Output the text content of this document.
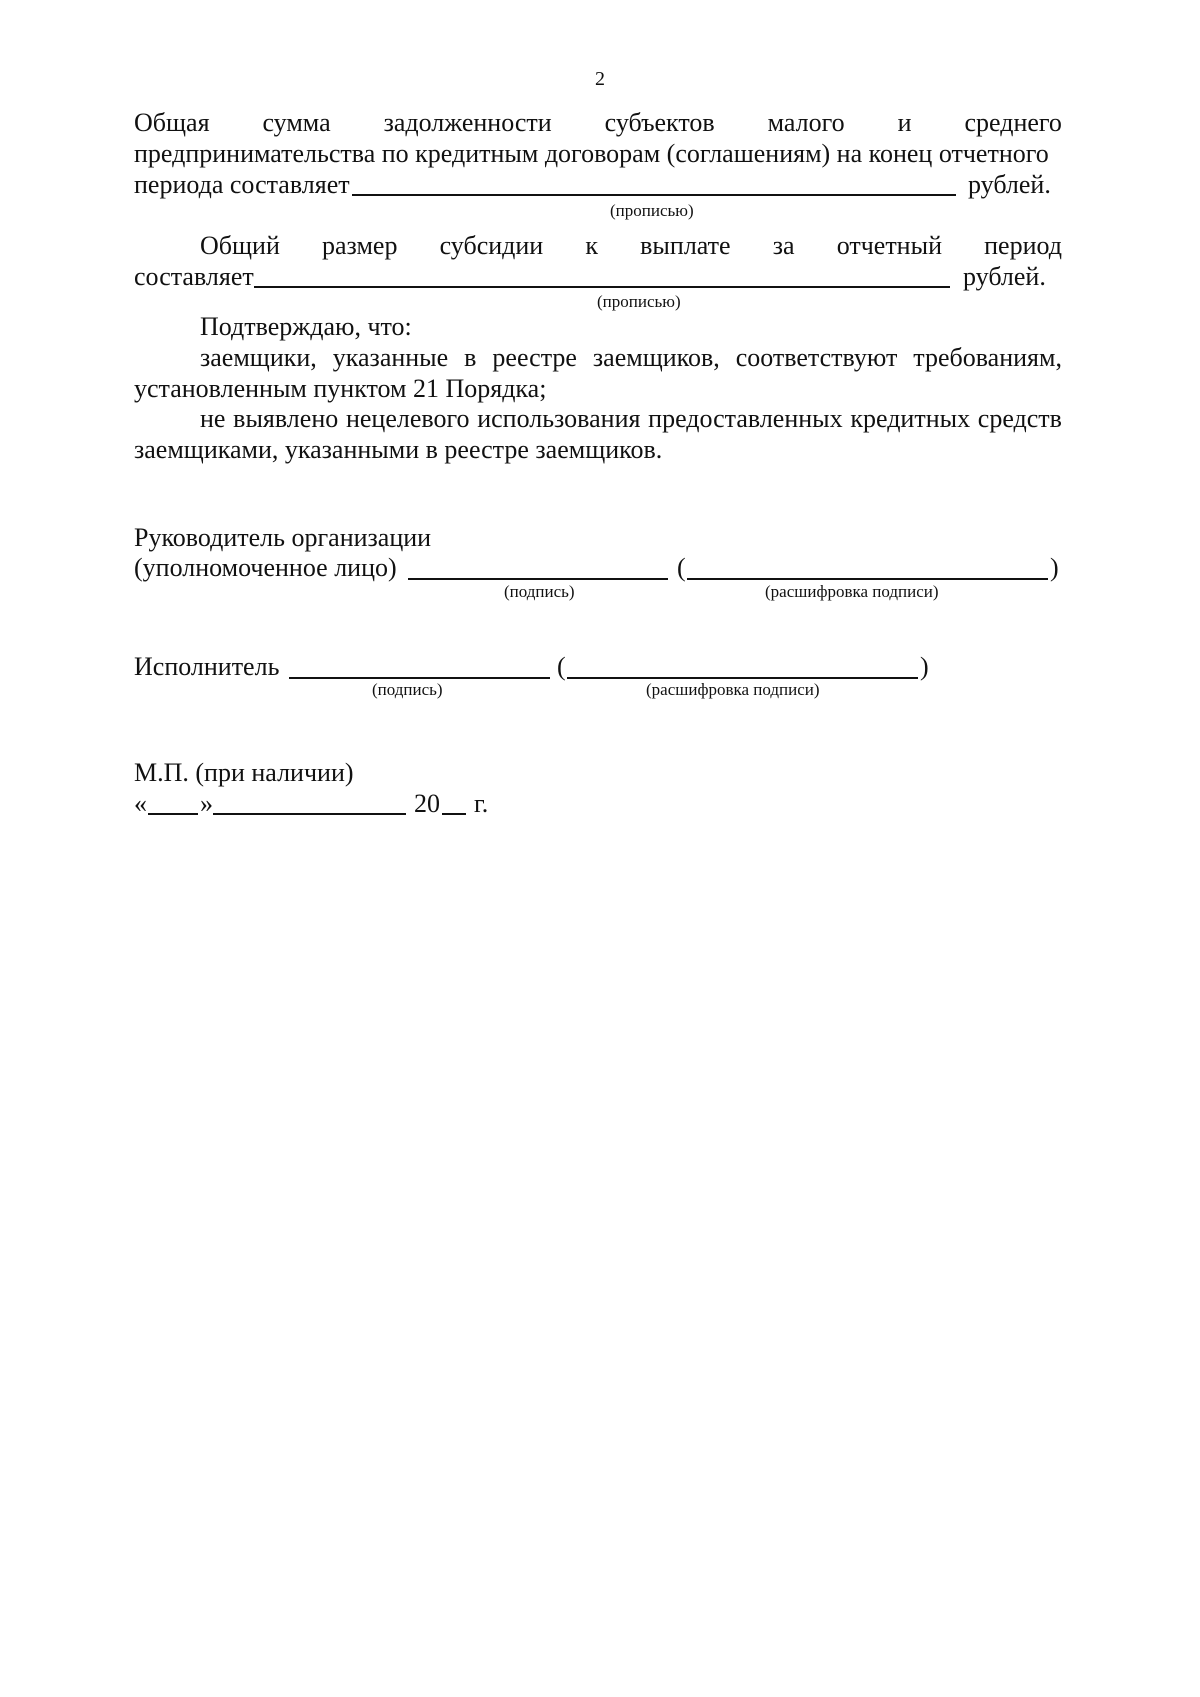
2
Общая сумма задолженности субъектов малого и среднего
предпринимательства по кредитным договорам (соглашениям) на конец отчетного
периода составляет	рублей.
(прописью)
Общий размер субсидии к выплате за отчетный период
составляет	рублей.
(прописью)
Подтверждаю, что:
заемщики, указанные в реестре заемщиков, соответствуют требованиям,
установленным пунктом 21 Порядка;
не выявлено нецелевого использования предоставленных кредитных средств
заемщиками, указанными в реестре заемщиков.
Руководитель организации
(уполномоченное лицо)	(	)
(подпись)	(расшифровка подписи)
Исполнитель	(	)
(подпись)	(расшифровка подписи)
М.П. (при наличии)
« »	20 г.
